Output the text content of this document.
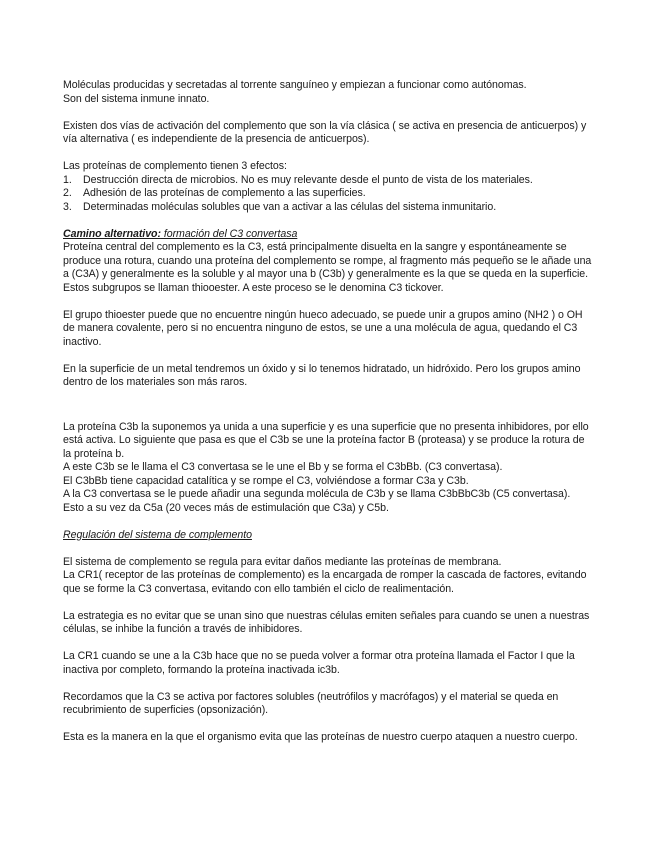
Moléculas producidas y secretadas al torrente sanguíneo y empiezan a funcionar como autónomas.

Son del sistema inmune innato.

Existen dos vías de activación del complemento que son la vía clásica ( se activa en presencia de anticuerpos) y vía alternativa ( es independiente de la presencia de anticuerpos).

Las proteínas de complemento tienen 3 efectos:

1. Destrucción directa de microbios. No es muy relevante desde el punto de vista de los materiales.
2. Adhesión de las proteínas de complemento a las superficies.
3. Determinadas moléculas solubles que van a activar a las células del sistema inmunitario.

Camino alternativo: formación del C3 convertasa

Proteína central del complemento es la C3, está principalmente disuelta en la sangre y espontáneamente se produce una rotura, cuando una proteína del complemento se rompe, al fragmento más pequeño se le añade una a (C3A) y generalmente es la soluble y al mayor una b (C3b) y generalmente es la que se queda en la superficie. Estos subgrupos se llaman thiooester. A este proceso se le denomina C3 tickover.

El grupo thioester puede que no encuentre ningún hueco adecuado, se puede unir a grupos amino (NH2 ) o OH de manera covalente, pero si no encuentra ninguno de estos, se une a una molécula de agua, quedando el C3 inactivo.

En la superficie de un metal tendremos un óxido y si lo tenemos hidratado, un hidróxido. Pero los grupos amino dentro de los materiales son más raros.

La proteína C3b la suponemos ya unida a una superficie y es una superficie que no presenta inhibidores, por ello está activa. Lo siguiente que pasa es que el C3b se une la proteína factor B (proteasa) y se produce la rotura de la proteína b.

A este C3b se le llama el C3 convertasa se le une el Bb y se forma el C3bBb. (C3 convertasa).

El C3bBb tiene capacidad catalítica y se rompe el C3, volviéndose a formar C3a y C3b.

A la C3 convertasa se le puede añadir una segunda molécula de C3b y se llama C3bBbC3b (C5 convertasa). Esto a su vez da C5a (20 veces más de estimulación que C3a) y C5b.

Regulación del sistema de complemento

El sistema de complemento se regula para evitar daños mediante las proteínas de membrana.

La CR1( receptor de las proteínas de complemento) es la encargada de romper la cascada de factores, evitando que se forme la C3 convertasa, evitando con ello también el ciclo de realimentación.

La estrategia es no evitar que se unan sino que nuestras células emiten señales para cuando se unen a nuestras células, se inhibe la función a través de inhibidores.

La CR1 cuando se une a la C3b hace que no se pueda volver a formar otra proteína llamada el Factor I que la inactiva por completo, formando la proteína inactivada ic3b.

Recordamos que la C3 se activa por factores solubles (neutrófilos y macrófagos) y el material se queda en recubrimiento de superficies (opsonización).

Esta es la manera en la que el organismo evita que las proteínas de nuestro cuerpo ataquen a nuestro cuerpo.
